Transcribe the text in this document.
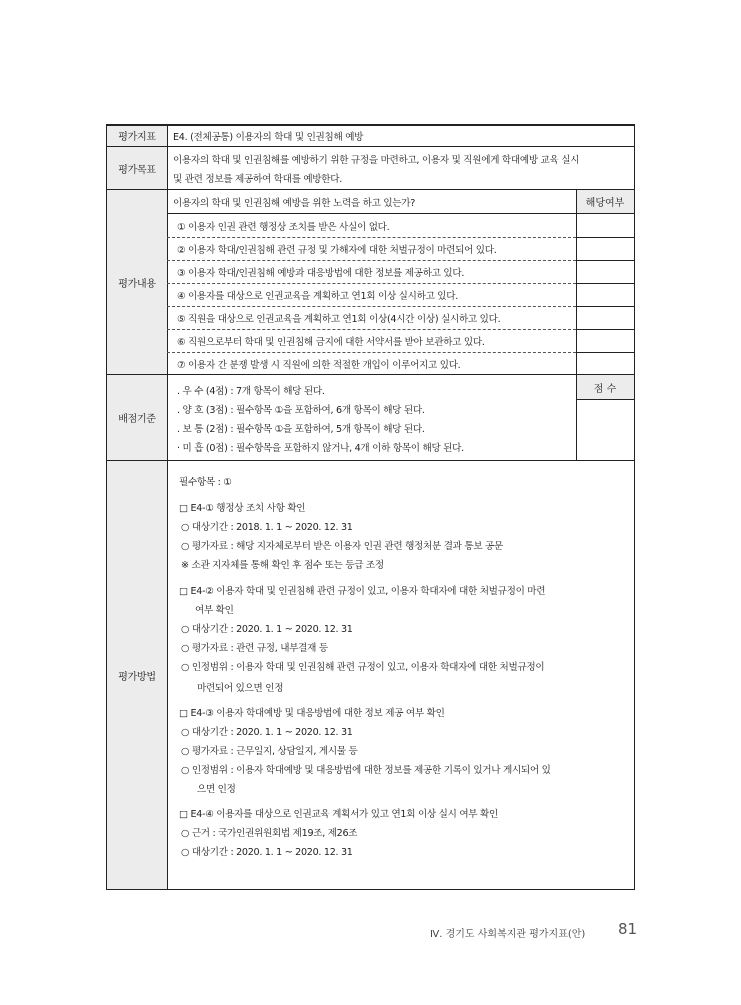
평가지표
평가목표
평가내용
배점기준
평가방법
해당여부
점 수
E4. (전체공통) 이용자의 학대 및 인권침해 예방
이용자의 학대 및 인권침해를 예방하기 위한 규정을 마련하고, 이용자 및 직원에게 학대예방 교육 실시
및 관련 정보를 제공하여 학대를 예방한다.
이용자의 학대 및 인권침해 예방을 위한 노력을 하고 있는가?
① 이용자 인권 관련 행정상 조치를 받은 사실이 없다.
② 이용자 학대/인권침해 관련 규정 및 가해자에 대한 처벌규정이 마련되어 있다.
③ 이용자 학대/인권침해 예방과 대응방법에 대한 정보를 제공하고 있다.
④ 이용자를 대상으로 인권교육을 계획하고 연1회 이상 실시하고 있다.
⑤ 직원을 대상으로 인권교육을 계획하고 연1회 이상(4시간 이상) 실시하고 있다.
⑥ 직원으로부터 학대 및 인권침해 금지에 대한 서약서를 받아 보관하고 있다.
⑦ 이용자 간 분쟁 발생 시 직원에 의한 적절한 개입이 이루어지고 있다.
. 우 수 (4점) : 7개 항목이 해당 된다.
. 양 호 (3점) : 필수항목 ①을 포함하여, 6개 항목이 해당 된다.
. 보 통 (2점) : 필수항목 ①을 포함하여, 5개 항목이 해당 된다.
· 미 흡 (0점) : 필수항목을 포함하지 않거나, 4개 이하 항목이 해당 된다.
필수항목 : ①
□ E4-① 행정상 조치 사항 확인
○ 대상기간 : 2018. 1. 1 ~ 2020. 12. 31
○ 평가자료 : 해당 지자체로부터 받은 이용자 인권 관련 행정처분 결과 통보 공문
※ 소관 지자체를 통해 확인 후 점수 또는 등급 조정
□ E4-② 이용자 학대 및 인권침해 관련 규정이 있고, 이용자 학대자에 대한 처벌규정이 마련
여부 확인
○ 대상기간 : 2020. 1. 1 ~ 2020. 12. 31
○ 평가자료 : 관련 규정, 내부결재 등
○ 인정범위 : 이용자 학대 및 인권침해 관련 규정이 있고, 이용자 학대자에 대한 처벌규정이
마련되어 있으면 인정
□ E4-③ 이용자 학대예방 및 대응방법에 대한 정보 제공 여부 확인
○ 대상기간 : 2020. 1. 1 ~ 2020. 12. 31
○ 평가자료 : 근무일지, 상담일지, 게시물 등
○ 인정범위 : 이용자 학대예방 및 대응방법에 대한 정보를 제공한 기록이 있거나 게시되어 있
으면 인정
□ E4-④ 이용자를 대상으로 인권교육 계획서가 있고 연1회 이상 실시 여부 확인
○ 근거 : 국가인권위원회법 제19조, 제26조
○ 대상기간 : 2020. 1. 1 ~ 2020. 12. 31
Ⅳ. 경기도 사회복지관 평가지표(안) 81
